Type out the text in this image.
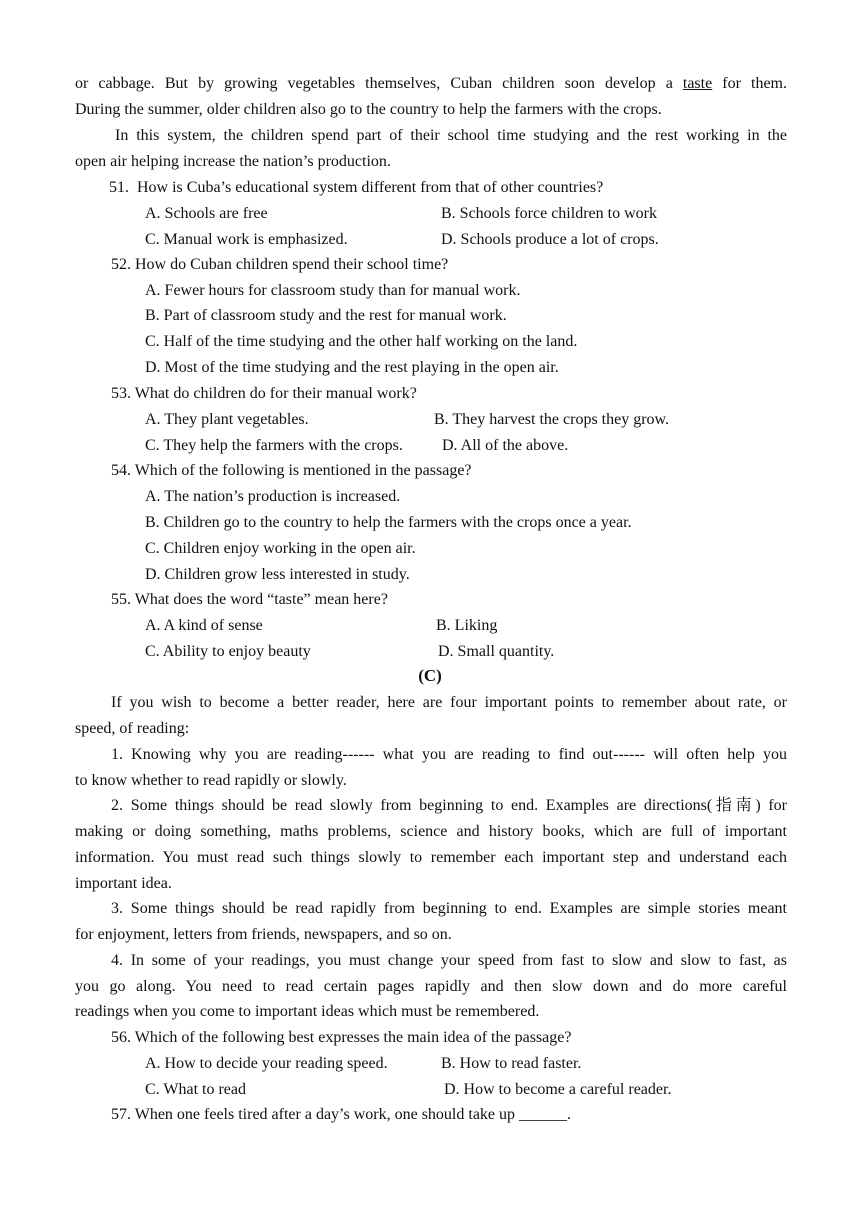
or cabbage. But by growing vegetables themselves, Cuban children soon develop a taste for them.
During the summer, older children also go to the country to help the farmers with the crops.
In this system, the children spend part of their school time studying and the rest working in the
open air helping increase the nation’s production.
51.  How is Cuba’s educational system different from that of other countries?
A. Schools are free	B. Schools force children to work
C. Manual work is emphasized.	D. Schools produce a lot of crops.
52. How do Cuban children spend their school time?
A. Fewer hours for classroom study than for manual work.
B. Part of classroom study and the rest for manual work.
C. Half of the time studying and the other half working on the land.
D. Most of the time studying and the rest playing in the open air.
53. What do children do for their manual work?
A. They plant vegetables.	B. They harvest the crops they grow.
C. They help the farmers with the crops. D. All of the above.
54. Which of the following is mentioned in the passage?
A. The nation’s production is increased.
B. Children go to the country to help the farmers with the crops once a year.
C. Children enjoy working in the open air.
D. Children grow less interested in study.
55. What does the word “taste” mean here?
A. A kind of sense	B. Liking
C. Ability to enjoy beauty	D. Small quantity.
(C)
If you wish to become a better reader, here are four important points to remember about rate, or
speed, of reading:
1. Knowing why you are reading------ what you are reading to find out------ will often help you
to know whether to read rapidly or slowly.
2. Some things should be read slowly from beginning to end. Examples are directions(指南) for
making or doing something, maths problems, science and history books, which are full of important
information. You must read such things slowly to remember each important step and understand each
important idea.
3. Some things should be read rapidly from beginning to end. Examples are simple stories meant
for enjoyment, letters from friends, newspapers, and so on.
4. In some of your readings, you must change your speed from fast to slow and slow to fast, as
you go along. You need to read certain pages rapidly and then slow down and do more careful
readings when you come to important ideas which must be remembered.
56. Which of the following best expresses the main idea of the passage?
A. How to decide your reading speed.	B. How to read faster.
C. What to read	D. How to become a careful reader.
57. When one feels tired after a day’s work, one should take up ______.
